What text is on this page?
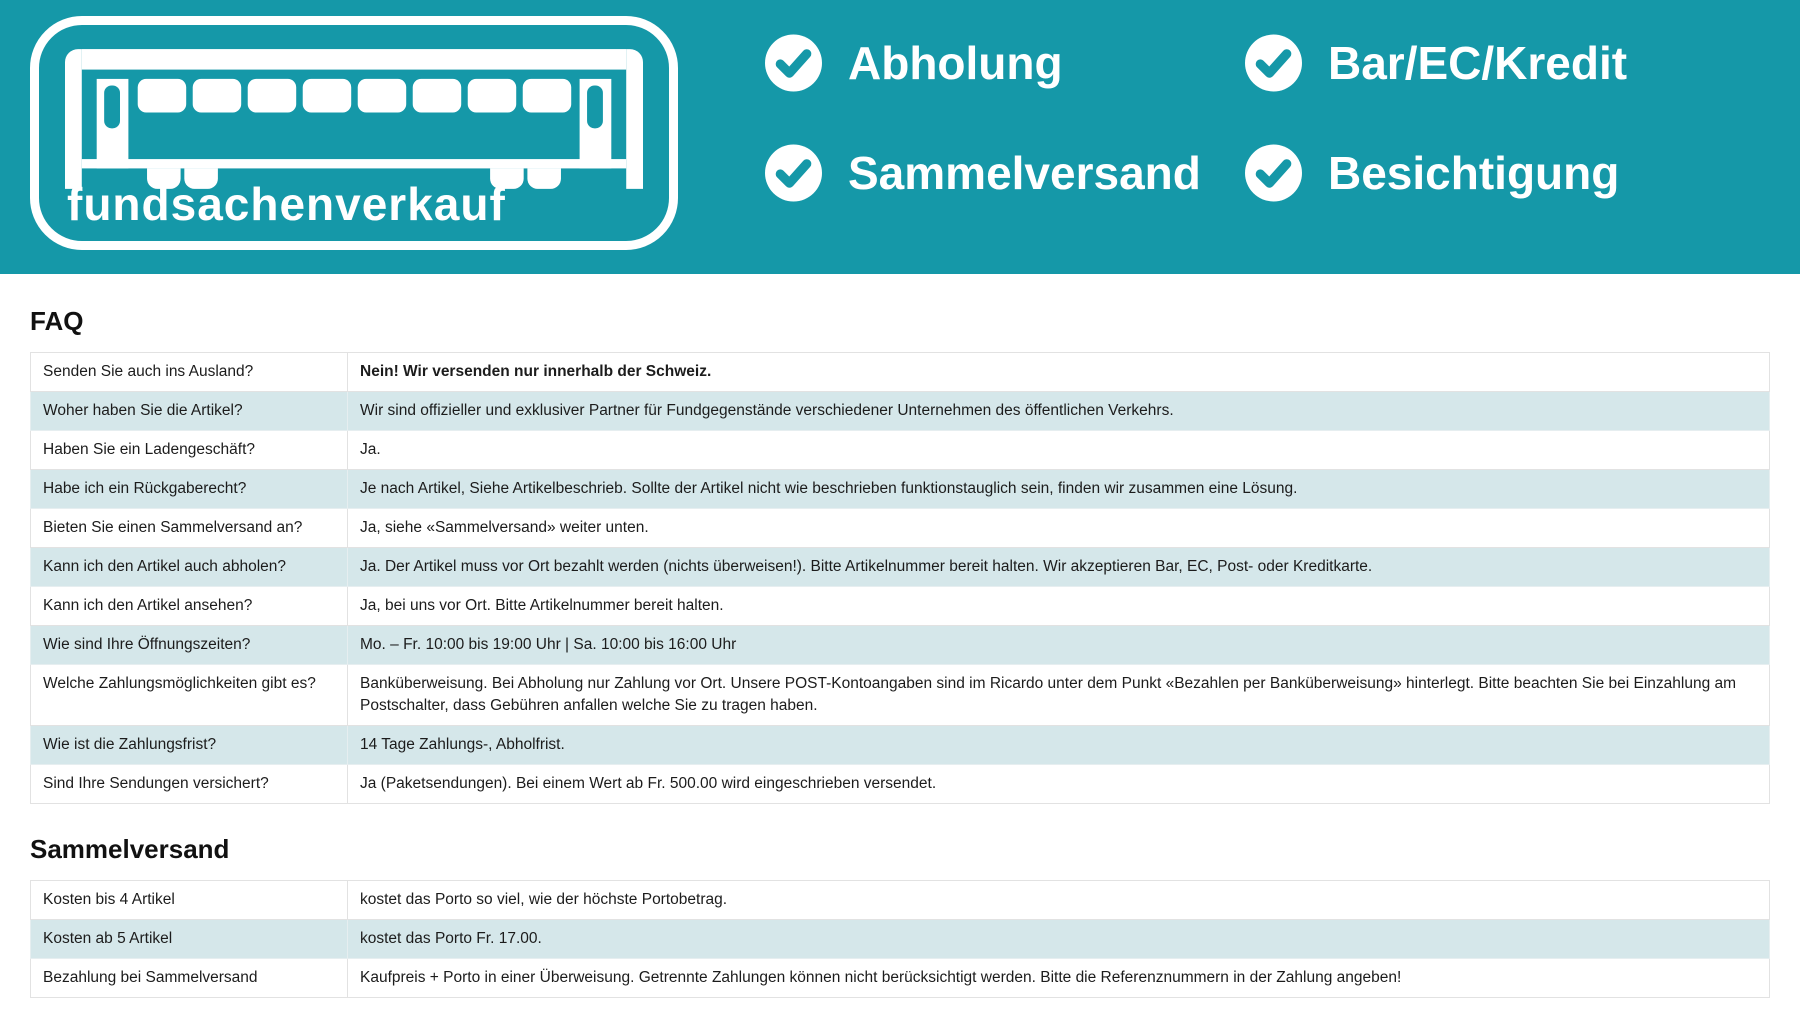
fundsachenverkauf
Abholung	Bar/EC/Kredit
Sammelversand	Besichtigung
FAQ
Senden Sie auch ins Ausland?	Nein! Wir versenden nur innerhalb der Schweiz.
Woher haben Sie die Artikel?	Wir sind offizieller und exklusiver Partner für Fundgegenstände verschiedener Unternehmen des öffentlichen Verkehrs.
Haben Sie ein Ladengeschäft?	Ja.
Habe ich ein Rückgaberecht?	Je nach Artikel, Siehe Artikelbeschrieb. Sollte der Artikel nicht wie beschrieben funktionstauglich sein, finden wir zusammen eine Lösung.
Bieten Sie einen Sammelversand an?	Ja, siehe «Sammelversand» weiter unten.
Kann ich den Artikel auch abholen?	Ja. Der Artikel muss vor Ort bezahlt werden (nichts überweisen!). Bitte Artikelnummer bereit halten. Wir akzeptieren Bar, EC, Post- oder Kreditkarte.
Kann ich den Artikel ansehen?	Ja, bei uns vor Ort. Bitte Artikelnummer bereit halten.
Wie sind Ihre Öffnungszeiten?	Mo. – Fr. 10:00 bis 19:00 Uhr | Sa. 10:00 bis 16:00 Uhr
Welche Zahlungsmöglichkeiten gibt es?	Banküberweisung. Bei Abholung nur Zahlung vor Ort. Unsere POST-Kontoangaben sind im Ricardo unter dem Punkt «Bezahlen per Banküberweisung» hinterlegt. Bitte beachten Sie bei Einzahlung am Postschalter, dass Gebühren anfallen welche Sie zu tragen haben.
Wie ist die Zahlungsfrist?	14 Tage Zahlungs-, Abholfrist.
Sind Ihre Sendungen versichert?	Ja (Paketsendungen). Bei einem Wert ab Fr. 500.00 wird eingeschrieben versendet.
Sammelversand
Kosten bis 4 Artikel	kostet das Porto so viel, wie der höchste Portobetrag.
Kosten ab 5 Artikel	kostet das Porto Fr. 17.00.
Bezahlung bei Sammelversand	Kaufpreis + Porto in einer Überweisung. Getrennte Zahlungen können nicht berücksichtigt werden. Bitte die Referenznummern in der Zahlung angeben!
